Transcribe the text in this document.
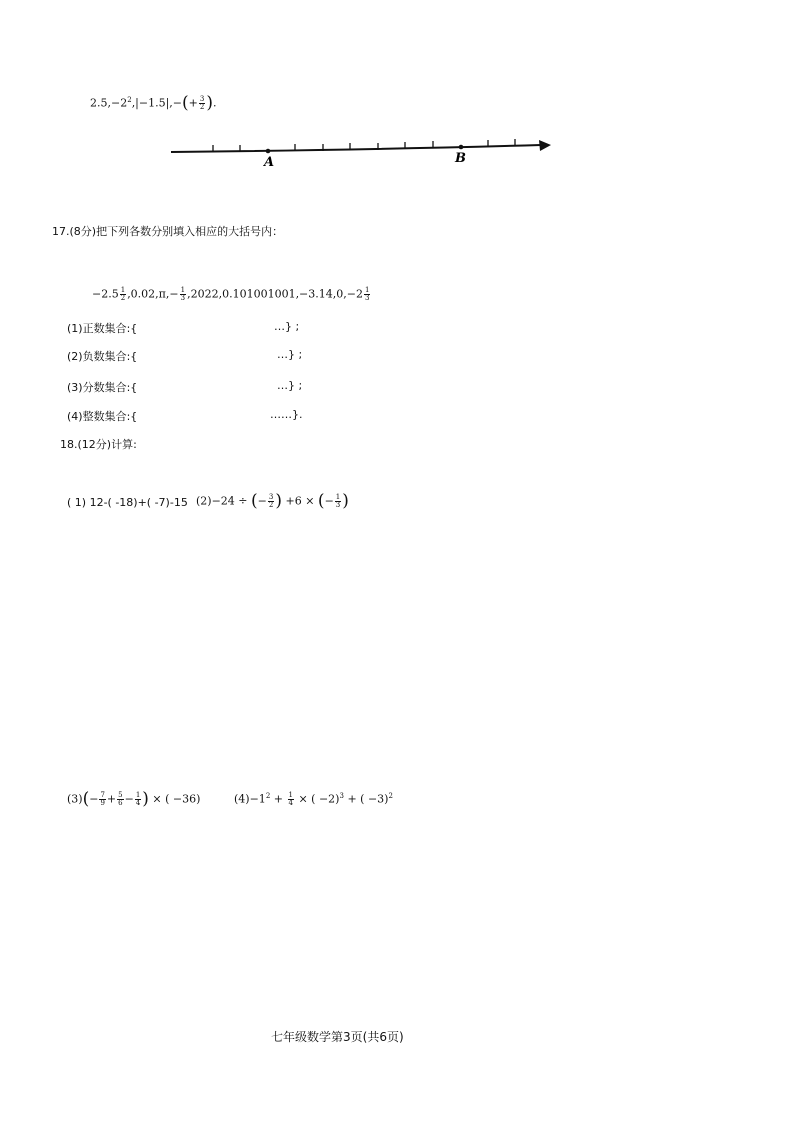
$2.5,-2^2,|-1.5|,-(+ \frac{3}{2}$ ).
A	B
17.(8分)把下列各数分别填入相应的大括号内：
$-2.5 \frac{1}{2} ,0.02,\pi,- \frac{1}{3} ,2022,0.101001001,-3.14,0,-2 \frac{1}{3}$
(1)正数集合:{	…} ;
(2)负数集合:{	…} ;
(3)分数集合:{	…} ;
(4)整数集合:{	……}.
18.(12分)计算:
( 1) 12-( -18)+( -7)-15 (2)−24 ÷ (− $\frac{3}{2}$ ) +6 × (− $\frac{1}{3}$ )
$(3)(- \frac{7}{9} + \frac{5}{6} - \frac{1}{4}$ ) × ( −36)	$(4)-1^2 + \frac{1}{4}$ × ( −2)$^3$ + ( −3)$^2$
七年级数学第3页(共6页)
